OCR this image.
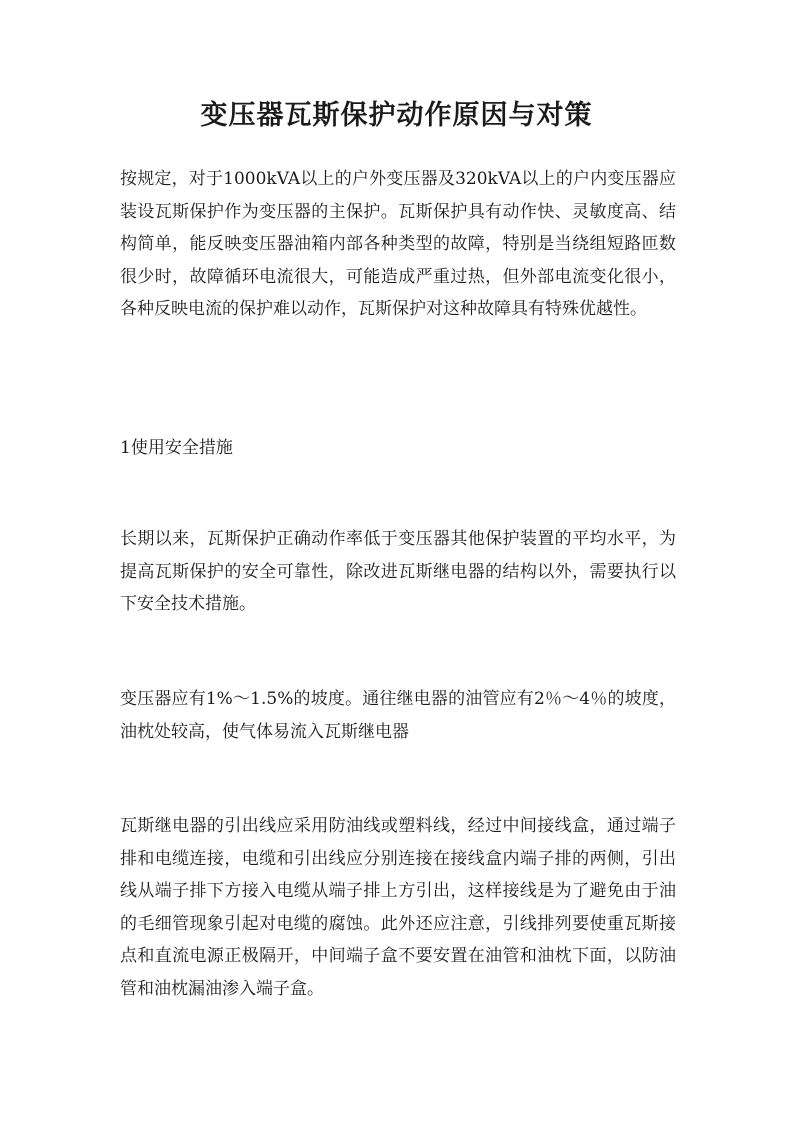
变压器瓦斯保护动作原因与对策

按规定，对于1000kVA以上的户外变压器及320kVA以上的户内变压器应装设瓦斯保护作为变压器的主保护。瓦斯保护具有动作快、灵敏度高、结构简单，能反映变压器油箱内部各种类型的故障，特别是当绕组短路匝数很少时，故障循环电流很大，可能造成严重过热，但外部电流变化很小，各种反映电流的保护难以动作，瓦斯保护对这种故障具有特殊优越性。

1使用安全措施

长期以来，瓦斯保护正确动作率低于变压器其他保护装置的平均水平，为提高瓦斯保护的安全可靠性，除改进瓦斯继电器的结构以外，需要执行以下安全技术措施。

变压器应有1%～1.5%的坡度。通往继电器的油管应有2％～4％的坡度，油枕处较高，使气体易流入瓦斯继电器

瓦斯继电器的引出线应采用防油线或塑料线，经过中间接线盒，通过端子排和电缆连接，电缆和引出线应分别连接在接线盒内端子排的两侧，引出线从端子排下方接入电缆从端子排上方引出，这样接线是为了避免由于油的毛细管现象引起对电缆的腐蚀。此外还应注意，引线排列要使重瓦斯接点和直流电源正极隔开，中间端子盒不要安置在油管和油枕下面，以防油管和油枕漏油渗入端子盒。
